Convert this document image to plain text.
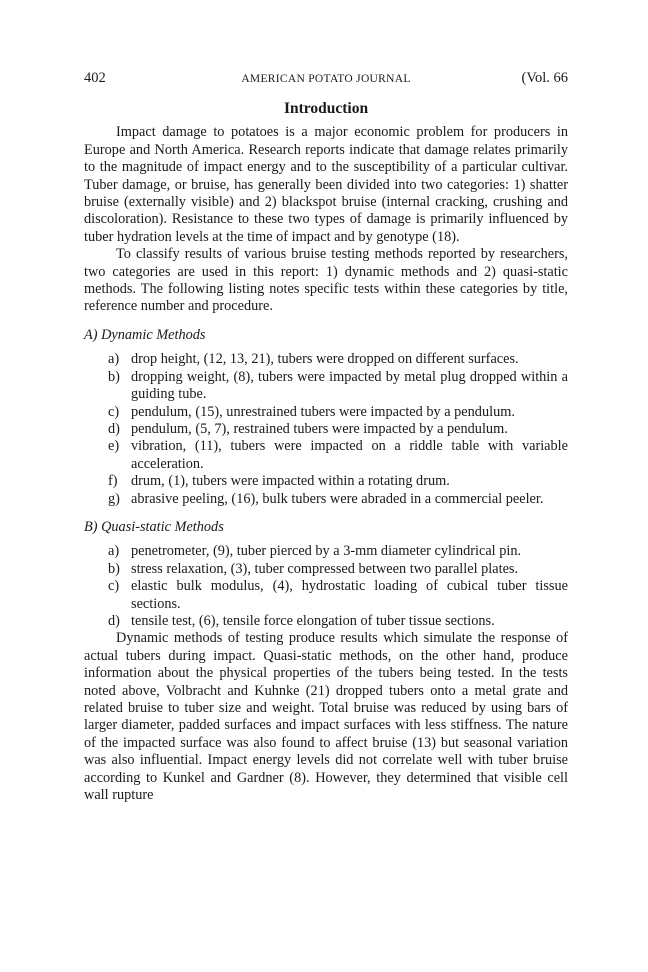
402	AMERICAN POTATO JOURNAL	(Vol. 66
Introduction

Impact damage to potatoes is a major economic problem for producers in Europe and North America. Research reports indicate that damage relates primarily to the magnitude of impact energy and to the susceptibility of a particular cultivar. Tuber damage, or bruise, has generally been divided into two categories: 1) shatter bruise (externally visible) and 2) blackspot bruise (internal cracking, crushing and discoloration). Resistance to these two types of damage is primarily influenced by tuber hydration levels at the time of impact and by genotype (18).

To classify results of various bruise testing methods reported by researchers, two categories are used in this report: 1) dynamic methods and 2) quasi-static methods. The following listing notes specific tests within these categories by title, reference number and procedure.

A) Dynamic Methods
a) drop height, (12, 13, 21), tubers were dropped on different surfaces.
b) dropping weight, (8), tubers were impacted by metal plug dropped within a guiding tube.
c) pendulum, (15), unrestrained tubers were impacted by a pendulum.
d) pendulum, (5, 7), restrained tubers were impacted by a pendulum.
e) vibration, (11), tubers were impacted on a riddle table with variable acceleration.
f) drum, (1), tubers were impacted within a rotating drum.
g) abrasive peeling, (16), bulk tubers were abraded in a commercial peeler.
B) Quasi-static Methods
a) penetrometer, (9), tuber pierced by a 3-mm diameter cylindrical pin.
b) stress relaxation, (3), tuber compressed between two parallel plates.
c) elastic bulk modulus, (4), hydrostatic loading of cubical tuber tissue sections.
d) tensile test, (6), tensile force elongation of tuber tissue sections.

Dynamic methods of testing produce results which simulate the response of actual tubers during impact. Quasi-static methods, on the other hand, produce information about the physical properties of the tubers being tested. In the tests noted above, Volbracht and Kuhnke (21) dropped tubers onto a metal grate and related bruise to tuber size and weight. Total bruise was reduced by using bars of larger diameter, padded surfaces and impact surfaces with less stiffness. The nature of the impacted surface was also found to affect bruise (13) but seasonal variation was also influential. Impact energy levels did not correlate well with tuber bruise according to Kunkel and Gardner (8). However, they determined that visible cell wall rupture
